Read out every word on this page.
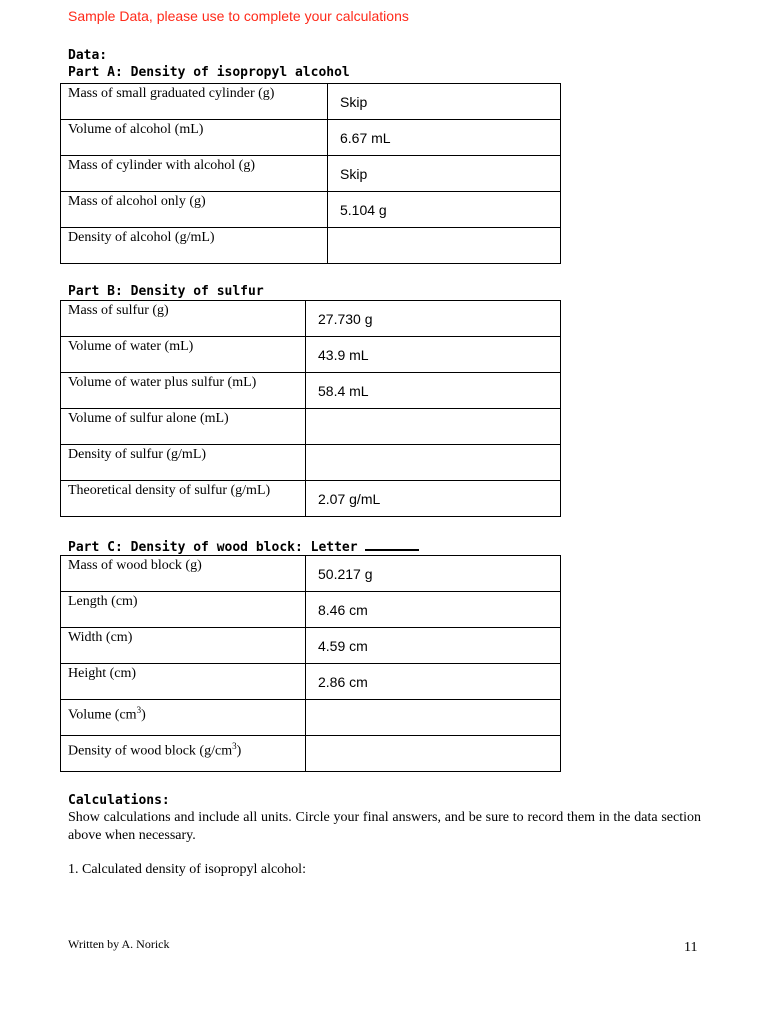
Sample Data, please use to complete your calculations
Data:
Part A: Density of isopropyl alcohol
Mass of small graduated cylinder (g)	Skip

Volume of alcohol (mL)	6.67 mL

Mass of cylinder with alcohol (g)	Skip

Mass of alcohol only (g)	5.104 g

Density of alcohol (g/mL)	

Part B: Density of sulfur
Mass of sulfur (g)	27.730 g

Volume of water (mL)	43.9 mL

Volume of water plus sulfur (mL)	58.4 mL

Volume of sulfur alone (mL)	

Density of sulfur (g/mL)	

Theoretical density of sulfur (g/mL)	2.07 g/mL
Part C: Density of wood block: Letter
Mass of wood block (g)	50.217 g

Length (cm)	8.46 cm

Width (cm)	4.59 cm

Height (cm)	2.86 cm

Volume $(cm^3)$	

Density of wood block $(g/cm^3)$	

Calculations:
Show calculations and include all units. Circle your final answers, and be sure to record them in the data section above when necessary.
1. Calculated density of isopropyl alcohol:
Written by A. Norick	11
